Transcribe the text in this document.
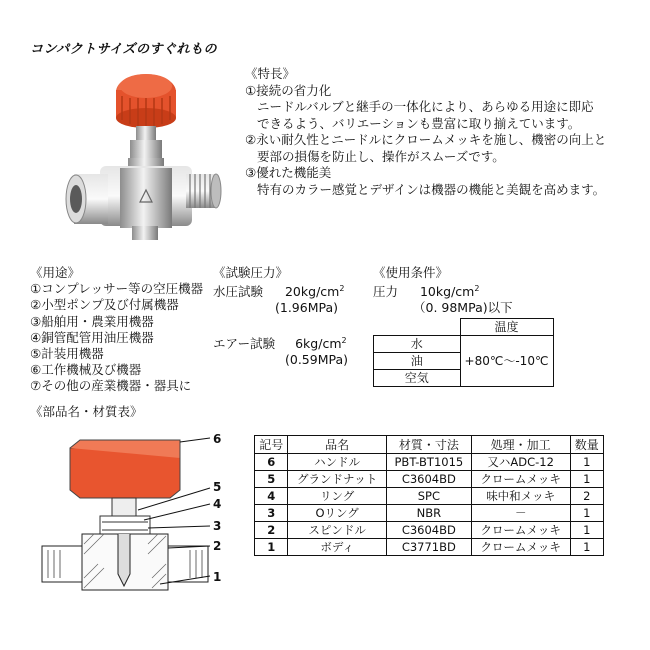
コンパクトサイズのすぐれもの
《特長》
①接続の省力化
ニードルバルブと継手の一体化により、あらゆる用途に即応
できるよう、バリエーションも豊富に取り揃えています。
②永い耐久性とニードルにクロームメッキを施し、機密の向上と
要部の損傷を防止し、操作がスムーズです。
③優れた機能美
特有のカラー感覚とデザインは機器の機能と美観を高めます。
《用途》
①コンプレッサー等の空圧機器
②小型ポンプ及び付属機器
③船舶用・農業用機器
④銅管配管用油圧機器
⑤計装用機器
⑥工作機械及び機器
⑦その他の産業機器・器具に
《試験圧力》
水圧試験 $20kg/cm^2$
(1.96MPa)
エアー試験 $6kg/cm^2$
(0.59MPa)
《使用条件》
圧力 $10kg/cm^2$
（0. 98MPa)以下
	温度
水	+80℃～-10℃
油	
空気	
《部品名・材質表》
6
5
4
3
2
1
記号	品名	材質・寸法	処理・加工	数量
6	ハンドル	PBT-BT1015	又ハADC-12	1
5	グランドナット	C3604BD	クロームメッキ	1
4	リング	SPC	味中和メッキ	2
3	Oリング	NBR	－	1
2	スピンドル	C3604BD	クロームメッキ	1
1	ボディ	C3771BD	クロームメッキ	1
